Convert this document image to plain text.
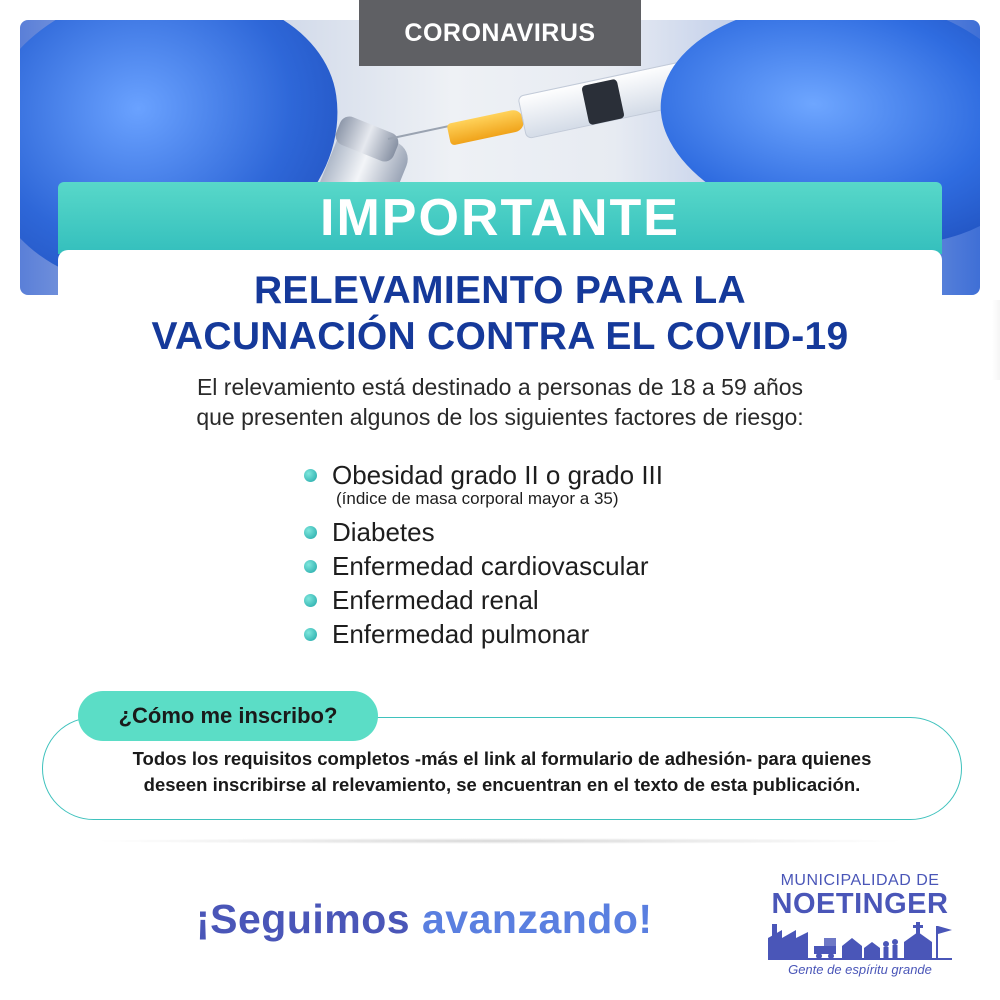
CORONAVIRUS
IMPORTANTE
RELEVAMIENTO PARA LA
VACUNACIÓN CONTRA EL COVID-19

El relevamiento está destinado a personas de 18 a 59 años
que presenten algunos de los siguientes factores de riesgo:

Obesidad grado II o grado III
(índice de masa corporal mayor a 35)
Diabetes
Enfermedad cardiovascular
Enfermedad renal
Enfermedad pulmonar
¿Cómo me inscribo?

Todos los requisitos completos -más el link al formulario de adhesión- para quienes
deseen inscribirse al relevamiento, se encuentran en el texto de esta publicación.

¡Seguimos avanzando!
MUNICIPALIDAD DE
NOETINGER
Gente de espíritu grande
